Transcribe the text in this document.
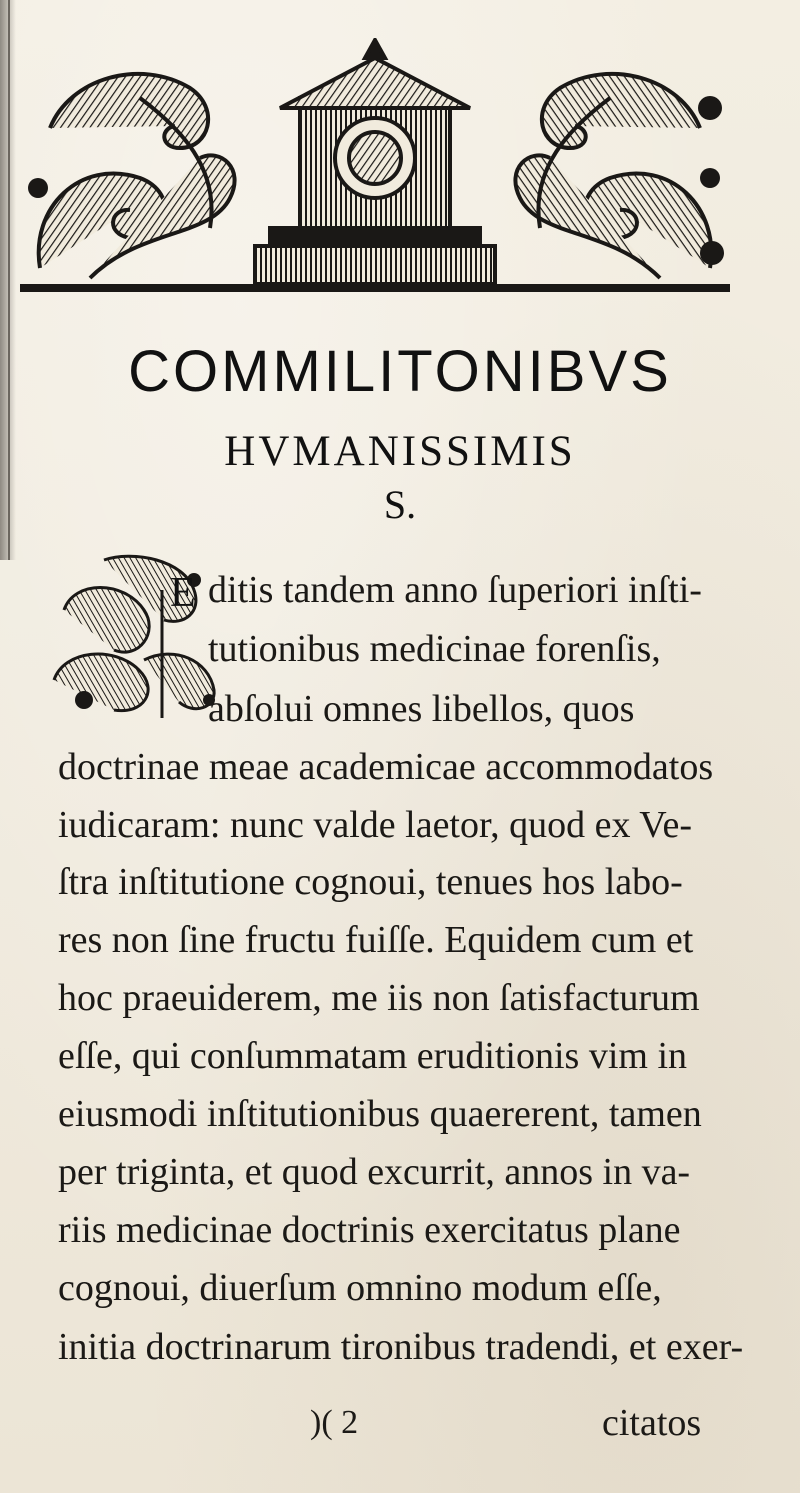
COMMILITONIBVS
HVMANISSIMIS
S.
E ditis tandem anno ſuperiori inſti-
tutionibus medicinae forenſis,
abſolui omnes libellos, quos
doctrinae meae academicae accommodatos
iudicaram: nunc valde laetor, quod ex Ve-
ſtra inſtitutione cognoui, tenues hos labo-
res non ſine fructu fuiſſe. Equidem cum et
hoc praeuiderem, me iis non ſatisfacturum
eſſe, qui conſummatam eruditionis vim in
eiusmodi inſtitutionibus quaererent, tamen
per triginta, et quod excurrit, annos in va-
riis medicinae doctrinis exercitatus plane
cognoui, diuerſum omnino modum eſſe,
initia doctrinarum tironibus tradendi, et exer-
)( 2	citatos
